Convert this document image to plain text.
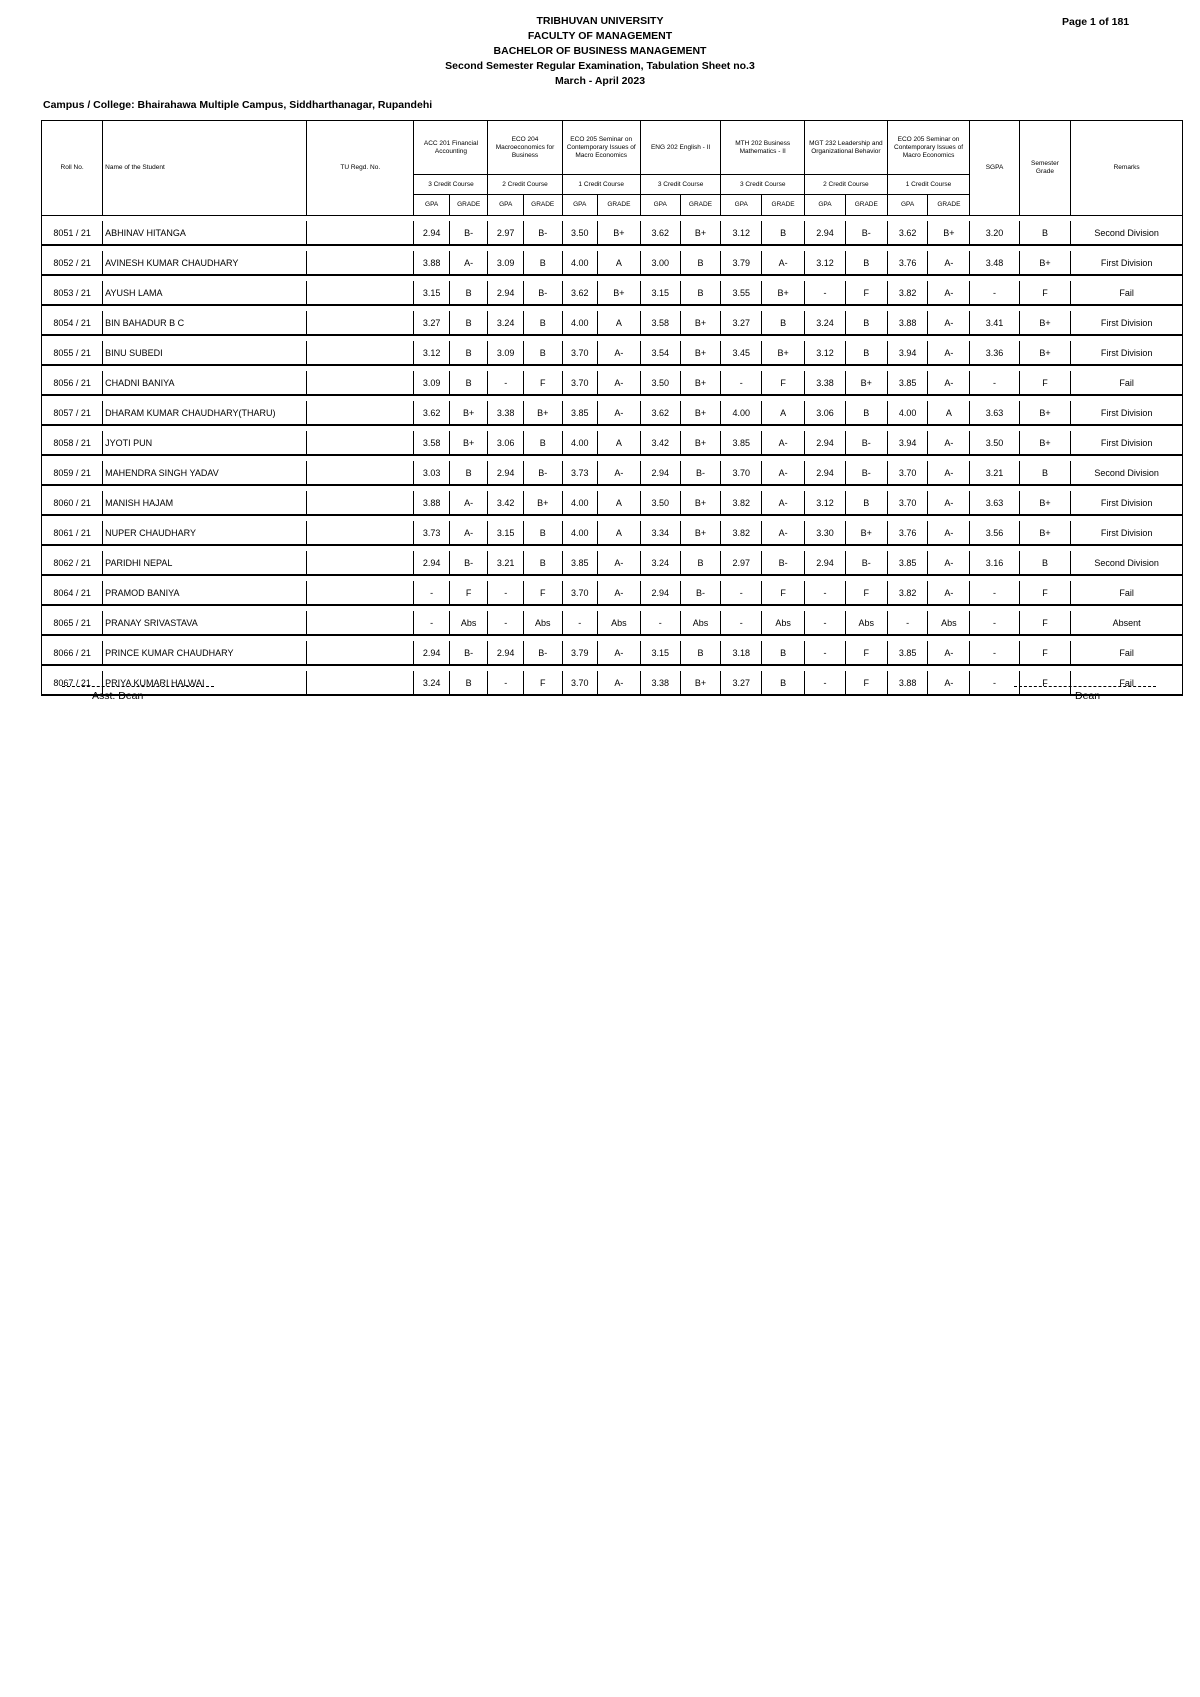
TRIBHUVAN UNIVERSITY
FACULTY OF MANAGEMENT
BACHELOR OF BUSINESS MANAGEMENT
Second Semester Regular Examination, Tabulation Sheet no.3
March - April 2023
Page 1 of 181
Campus / College: Bhairahawa Multiple Campus, Siddharthanagar, Rupandehi
Roll No.	Name of the Student	TU Regd. No.	ACC 201 Financial Accounting		ECO 204 Macroeconomics for Business		ECO 205 Seminar on Contemporary Issues of Macro Economics		ENG 202 English - II		MTH 202 Business Mathematics - II		MGT 232 Leadership and Organizational Behavior		ECO 205 Seminar on Contemporary Issues of Macro Economics		SGPA	Semester Grade	Remarks
			3 Credit Course		2 Credit Course		1 Credit Course		3 Credit Course		3 Credit Course		2 Credit Course		1 Credit Course				
			GPA	GRADE	GPA	GRADE	GPA	GRADE	GPA	GRADE	GPA	GRADE	GPA	GRADE	GPA	GRADE			

8051 / 21	ABHINAV HITANGA		2.94	B-	2.97	B-	3.50	B+	3.62	B+	3.12	B	2.94	B-	3.62	B+	3.20	B	Second Division

8052 / 21	AVINESH KUMAR CHAUDHARY		3.88	A-	3.09	B	4.00	A	3.00	B	3.79	A-	3.12	B	3.76	A-	3.48	B+	First Division

8053 / 21	AYUSH LAMA		3.15	B	2.94	B-	3.62	B+	3.15	B	3.55	B+	-	F	3.82	A-	-	F	Fail

8054 / 21	BIN BAHADUR B C		3.27	B	3.24	B	4.00	A	3.58	B+	3.27	B	3.24	B	3.88	A-	3.41	B+	First Division

8055 / 21	BINU SUBEDI		3.12	B	3.09	B	3.70	A-	3.54	B+	3.45	B+	3.12	B	3.94	A-	3.36	B+	First Division

8056 / 21	CHADNI BANIYA		3.09	B	-	F	3.70	A-	3.50	B+	-	F	3.38	B+	3.85	A-	-	F	Fail

8057 / 21	DHARAM KUMAR CHAUDHARY(THARU)		3.62	B+	3.38	B+	3.85	A-	3.62	B+	4.00	A	3.06	B	4.00	A	3.63	B+	First Division

8058 / 21	JYOTI PUN		3.58	B+	3.06	B	4.00	A	3.42	B+	3.85	A-	2.94	B-	3.94	A-	3.50	B+	First Division

8059 / 21	MAHENDRA SINGH YADAV		3.03	B	2.94	B-	3.73	A-	2.94	B-	3.70	A-	2.94	B-	3.70	A-	3.21	B	Second Division

8060 / 21	MANISH HAJAM		3.88	A-	3.42	B+	4.00	A	3.50	B+	3.82	A-	3.12	B	3.70	A-	3.63	B+	First Division

8061 / 21	NUPER CHAUDHARY		3.73	A-	3.15	B	4.00	A	3.34	B+	3.82	A-	3.30	B+	3.76	A-	3.56	B+	First Division

8062 / 21	PARIDHI NEPAL		2.94	B-	3.21	B	3.85	A-	3.24	B	2.97	B-	2.94	B-	3.85	A-	3.16	B	Second Division

8064 / 21	PRAMOD BANIYA		-	F	-	F	3.70	A-	2.94	B-	-	F	-	F	3.82	A-	-	F	Fail

8065 / 21	PRANAY SRIVASTAVA		-	Abs	-	Abs	-	Abs	-	Abs	-	Abs	-	Abs	-	Abs	-	F	Absent

8066 / 21	PRINCE KUMAR CHAUDHARY		2.94	B-	2.94	B-	3.79	A-	3.15	B	3.18	B	-	F	3.85	A-	-	F	Fail

8067 / 21	PRIYA KUMARI HALWAI		3.24	B	-	F	3.70	A-	3.38	B+	3.27	B	-	F	3.88	A-	-	F	Fail
Asst. Dean	Dean
